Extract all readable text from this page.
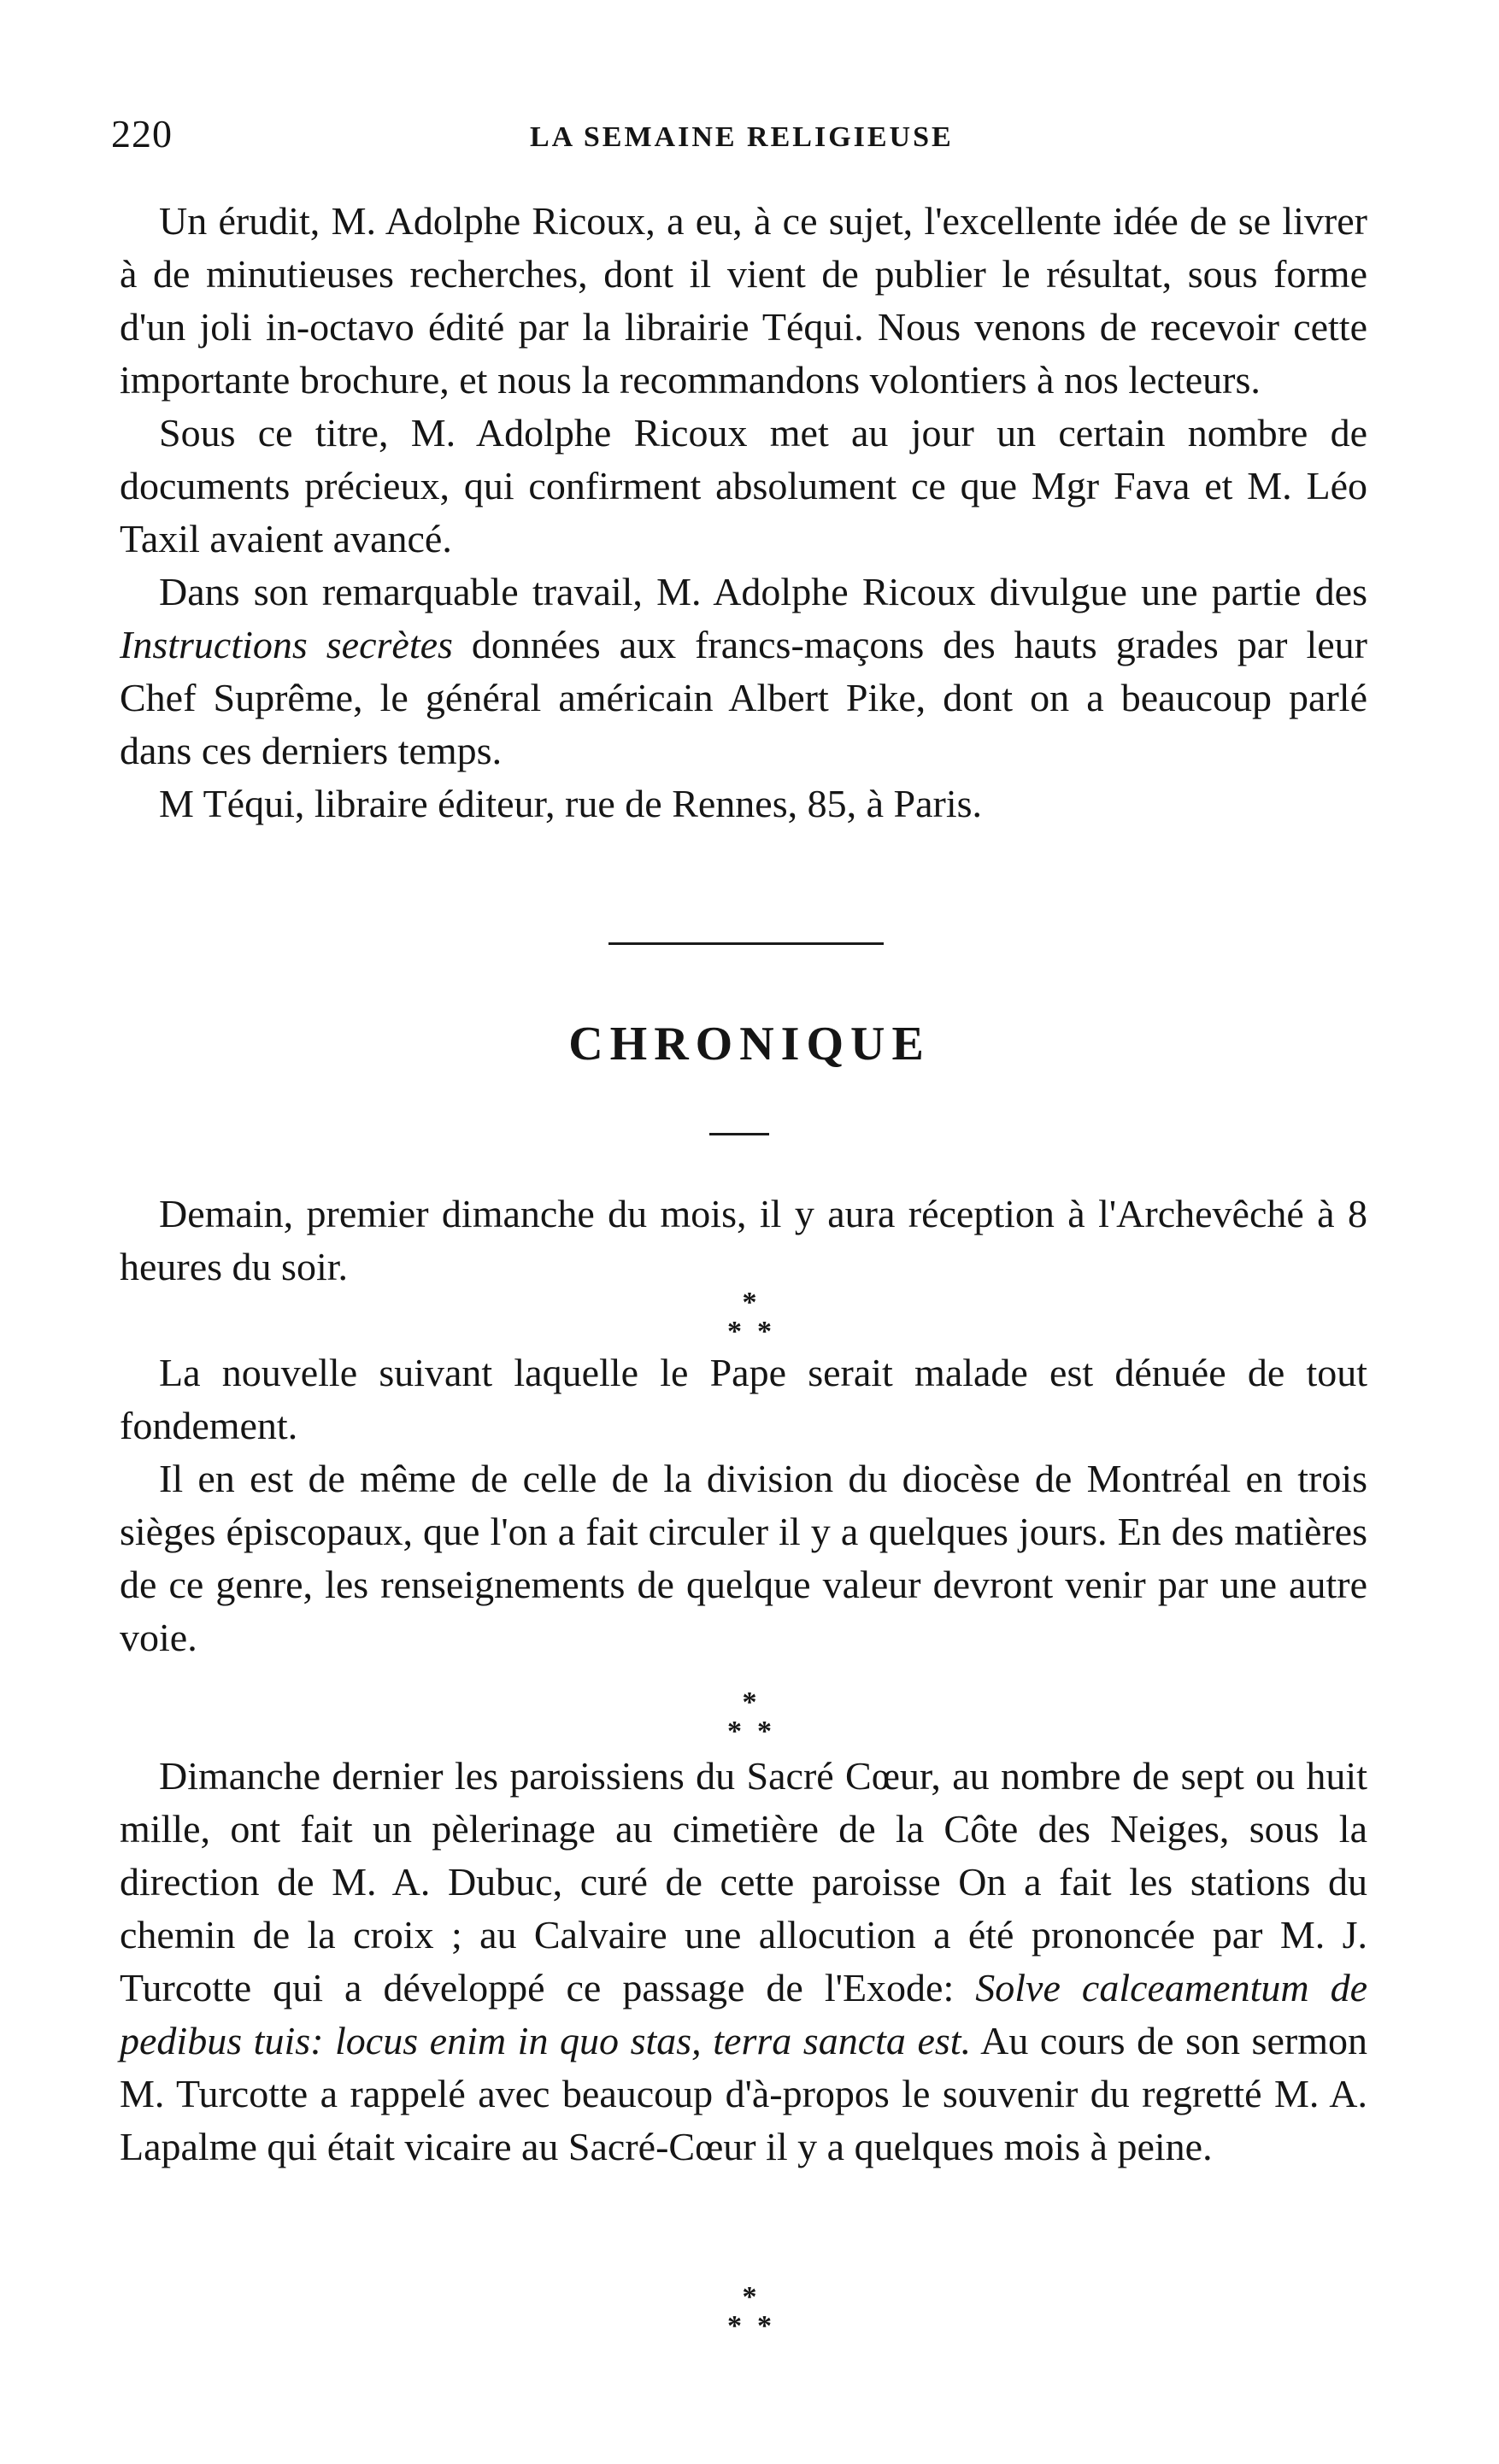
220	LA SEMAINE RELIGIEUSE

Un érudit, M. Adolphe Ricoux, a eu, à ce sujet, l'excellente idée de se livrer à de minutieuses recherches, dont il vient de publier le résultat, sous forme d'un joli in-octavo édité par la librairie Téqui. Nous venons de recevoir cette importante brochure, et nous la recommandons volontiers à nos lecteurs.

Sous ce titre, M. Adolphe Ricoux met au jour un certain nombre de documents précieux, qui confirment absolument ce que Mgr Fava et M. Léo Taxil avaient avancé.

Dans son remarquable travail, M. Adolphe Ricoux divulgue une partie des Instructions secrètes données aux francs-maçons des hauts grades par leur Chef Suprême, le général américain Albert Pike, dont on a beaucoup parlé dans ces derniers temps.

M Téqui, libraire éditeur, rue de Rennes, 85, à Paris.

CHRONIQUE

Demain, premier dimanche du mois, il y aura réception à l'Archevêché à 8 heures du soir.

*
**

La nouvelle suivant laquelle le Pape serait malade est dénuée de tout fondement.

Il en est de même de celle de la division du diocèse de Montréal en trois sièges épiscopaux, que l'on a fait circuler il y a quelques jours. En des matières de ce genre, les renseignements de quelque valeur devront venir par une autre voie.

*
**

Dimanche dernier les paroissiens du Sacré Cœur, au nombre de sept ou huit mille, ont fait un pèlerinage au cimetière de la Côte des Neiges, sous la direction de M. A. Dubuc, curé de cette paroisse On a fait les stations du chemin de la croix ; au Calvaire une allocution a été prononcée par M. J. Turcotte qui a développé ce passage de l'Exode: Solve calceamentum de pedibus tuis: locus enim in quo stas, terra sancta est. Au cours de son sermon M. Turcotte a rappelé avec beaucoup d'à-propos le souvenir du regretté M. A. Lapalme qui était vicaire au Sacré-Cœur il y a quelques mois à peine.

*
**
